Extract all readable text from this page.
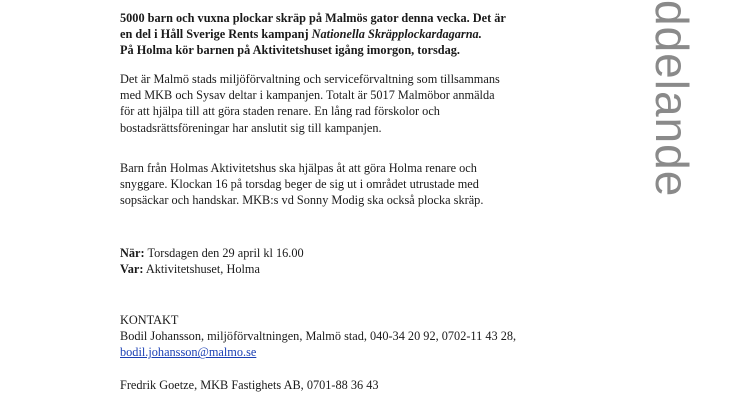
5000 barn och vuxna plockar skräp på Malmös gator denna vecka. Det är
en del i Håll Sverige Rents kampanj Nationella Skräpplockardagarna.
På Holma kör barnen på Aktivitetshuset igång imorgon, torsdag.

Det är Malmö stads miljöförvaltning och serviceförvaltning som tillsammans
med MKB och Sysav deltar i kampanjen. Totalt är 5017 Malmöbor anmälda
för att hjälpa till att göra staden renare. En lång rad förskolor och
bostadsrättsföreningar har anslutit sig till kampanjen.

Barn från Holmas Aktivitetshus ska hjälpas åt att göra Holma renare och
snyggare. Klockan 16 på torsdag beger de sig ut i området utrustade med
sopsäckar och handskar. MKB:s vd Sonny Modig ska också plocka skräp.

När: Torsdagen den 29 april kl 16.00
Var: Aktivitetshuset, Holma

KONTAKT
Bodil Johansson, miljöförvaltningen, Malmö stad, 040-34 20 92, 0702-11 43 28,
bodil.johansson@malmo.se

Fredrik Goetze, MKB Fastighets AB, 0701-88 36 43

ddelande
